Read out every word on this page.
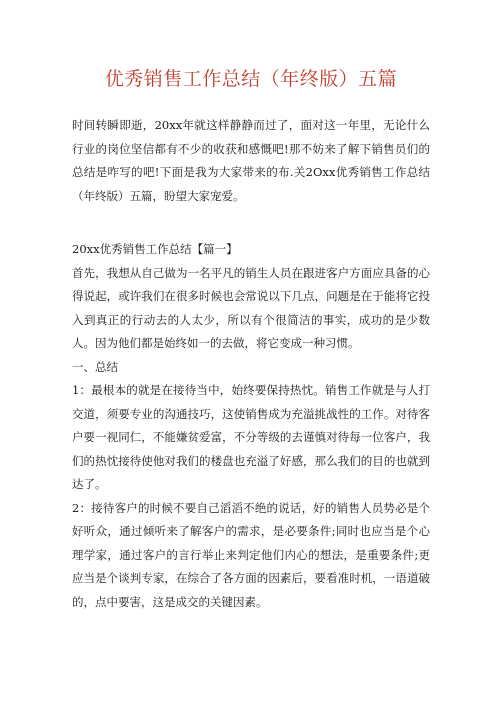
优秀销售工作总结（年终版）五篇

时间转瞬即逝，20xx年就这样静静而过了，面对这一年里，无论什么行业的岗位坚信都有不少的收获和感慨吧!那不妨来了解下销售员们的总结是咋写的吧!下面是我为大家带来的布.关2Oxx优秀销售工作总结（年终版）五篇，盼望大家宠爱。

20xx优秀销售工作总结【篇一】

首先，我想从自己做为一名平凡的销生人员在跟进客户方面应具备的心得说起，或许我们在很多时候也会常说以下几点，问题是在于能将它投入到真正的行动去的人太少，所以有个很简洁的事实，成功的是少数人。因为他们都是始终如一的去做，将它变成一种习惯。

一、总结

1：最根本的就是在接待当中，始终要保持热忱。销售工作就是与人打交道，须要专业的沟通技巧，这使销售成为充溢挑战性的工作。对待客户要一视同仁，不能嫌贫爱富，不分等级的去谨慎对待每一位客户，我们的热忱接待使他对我们的楼盘也充溢了好感，那么我们的目的也就到达了。

2：接待客户的时候不要自己滔滔不绝的说话，好的销售人员势必是个好听众，通过倾听来了解客户的需求，是必要条件;同时也应当是个心理学家，通过客户的言行举止来判定他们内心的想法，是重要条件;更应当是个谈判专家，在综合了各方面的因素后，要看准时机，一语道破的，点中要害，这是成交的关键因素。
